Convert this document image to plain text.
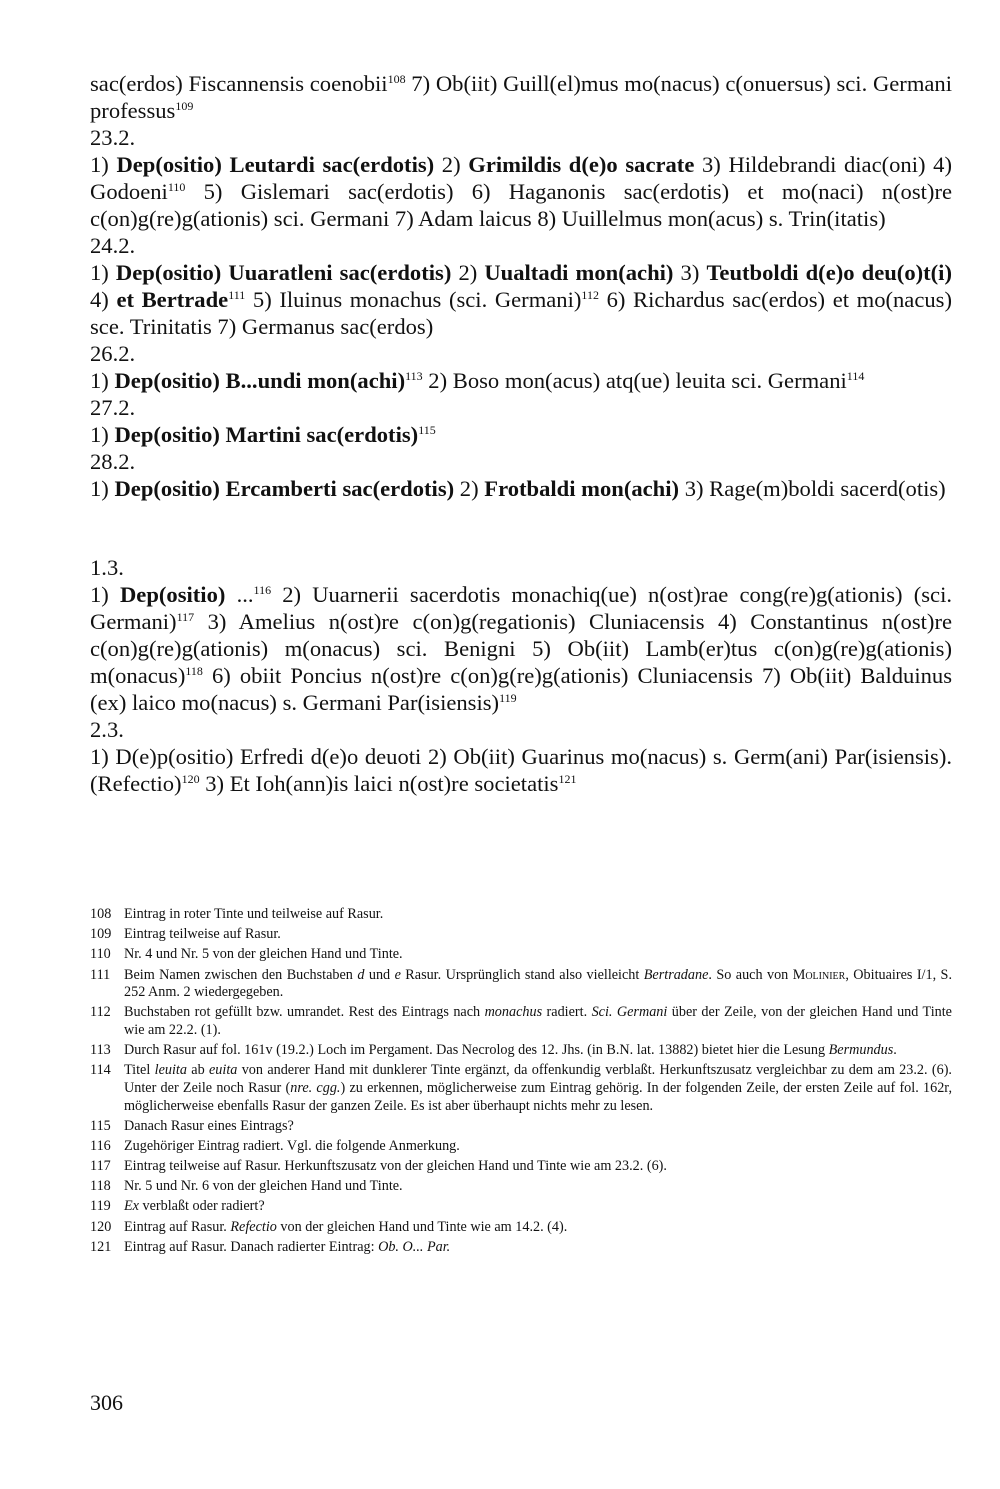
sac(erdos) Fiscannensis coenobii$^{108}$ 7) Ob(iit) Guill(el)mus mo(nacus) c(onuersus) sci. Germani professus$^{109}$

23.2.

1) Dep(ositio) Leutardi sac(erdotis) 2) Grimildis d(e)o sacrate 3) Hildebrandi diac(oni) 4) Godoeni$^{110}$ 5) Gislemari sac(erdotis) 6) Haganonis sac(erdotis) et mo(naci) n(ost)re c(on)g(re)g(ationis) sci. Germani 7) Adam laicus 8) Uuillelmus mon(acus) s. Trin(itatis)

24.2.

1) Dep(ositio) Uuaratleni sac(erdotis) 2) Uualtadi mon(achi) 3) Teutboldi d(e)o deu(o)t(i) 4) et Bertrade$^{111}$ 5) Iluinus monachus (sci. Germani)$^{112}$ 6) Richardus sac(erdos) et mo(nacus) sce. Trinitatis 7) Germanus sac(erdos)

26.2.

1) Dep(ositio) B...undi mon(achi)$^{113}$ 2) Boso mon(acus) atq(ue) leuita sci. Germani$^{114}$

27.2.

1) Dep(ositio) Martini sac(erdotis)$^{115}$

28.2.

1) Dep(ositio) Ercamberti sac(erdotis) 2) Frotbaldi mon(achi) 3) Rage(m)boldi sacerd(otis)

1.3.

1) Dep(ositio) ...$^{116}$ 2) Uuarnerii sacerdotis monachiq(ue) n(ost)rae cong(re)g(ationis) (sci. Germani)$^{117}$ 3) Amelius n(ost)re c(on)g(regationis) Cluniacensis 4) Constantinus n(ost)re c(on)g(re)g(ationis) m(onacus) sci. Benigni 5) Ob(iit) Lamb(er)tus c(on)g(re)g(ationis) m(onacus)$^{118}$ 6) obiit Poncius n(ost)re c(on)g(re)g(ationis) Cluniacensis 7) Ob(iit) Balduinus (ex) laico mo(nacus) s. Germani Par(isiensis)$^{119}$

2.3.

1) D(e)p(ositio) Erfredi d(e)o deuoti 2) Ob(iit) Guarinus mo(nacus) s. Germ(ani) Par(isiensis). (Refectio)$^{120}$ 3) Et Ioh(ann)is laici n(ost)re societatis$^{121}$

108 Eintrag in roter Tinte und teilweise auf Rasur.
109 Eintrag teilweise auf Rasur.
110 Nr. 4 und Nr. 5 von der gleichen Hand und Tinte.
111 Beim Namen zwischen den Buchstaben d und e Rasur. Ursprünglich stand also vielleicht Bertradane. So auch von Molinier, Obituaires I/1, S. 252 Anm. 2 wiedergegeben.
112 Buchstaben rot gefüllt bzw. umrandet. Rest des Eintrags nach monachus radiert. Sci. Germani über der Zeile, von der gleichen Hand und Tinte wie am 22.2. (1).
113 Durch Rasur auf fol. 161v (19.2.) Loch im Pergament. Das Necrolog des 12. Jhs. (in B.N. lat. 13882) bietet hier die Lesung Bermundus.
114 Titel leuita ab euita von anderer Hand mit dunklerer Tinte ergänzt, da offenkundig verblaßt. Herkunftszusatz vergleichbar zu dem am 23.2. (6). Unter der Zeile noch Rasur (nre. cgg.) zu erkennen, möglicherweise zum Eintrag gehörig. In der folgenden Zeile, der ersten Zeile auf fol. 162r, möglicherweise ebenfalls Rasur der ganzen Zeile. Es ist aber überhaupt nichts mehr zu lesen.
115 Danach Rasur eines Eintrags?
116 Zugehöriger Eintrag radiert. Vgl. die folgende Anmerkung.
117 Eintrag teilweise auf Rasur. Herkunftszusatz von der gleichen Hand und Tinte wie am 23.2. (6).
118 Nr. 5 und Nr. 6 von der gleichen Hand und Tinte.
119 Ex verblaßt oder radiert?
120 Eintrag auf Rasur. Refectio von der gleichen Hand und Tinte wie am 14.2. (4).
121 Eintrag auf Rasur. Danach radierter Eintrag: Ob. O... Par.
306
